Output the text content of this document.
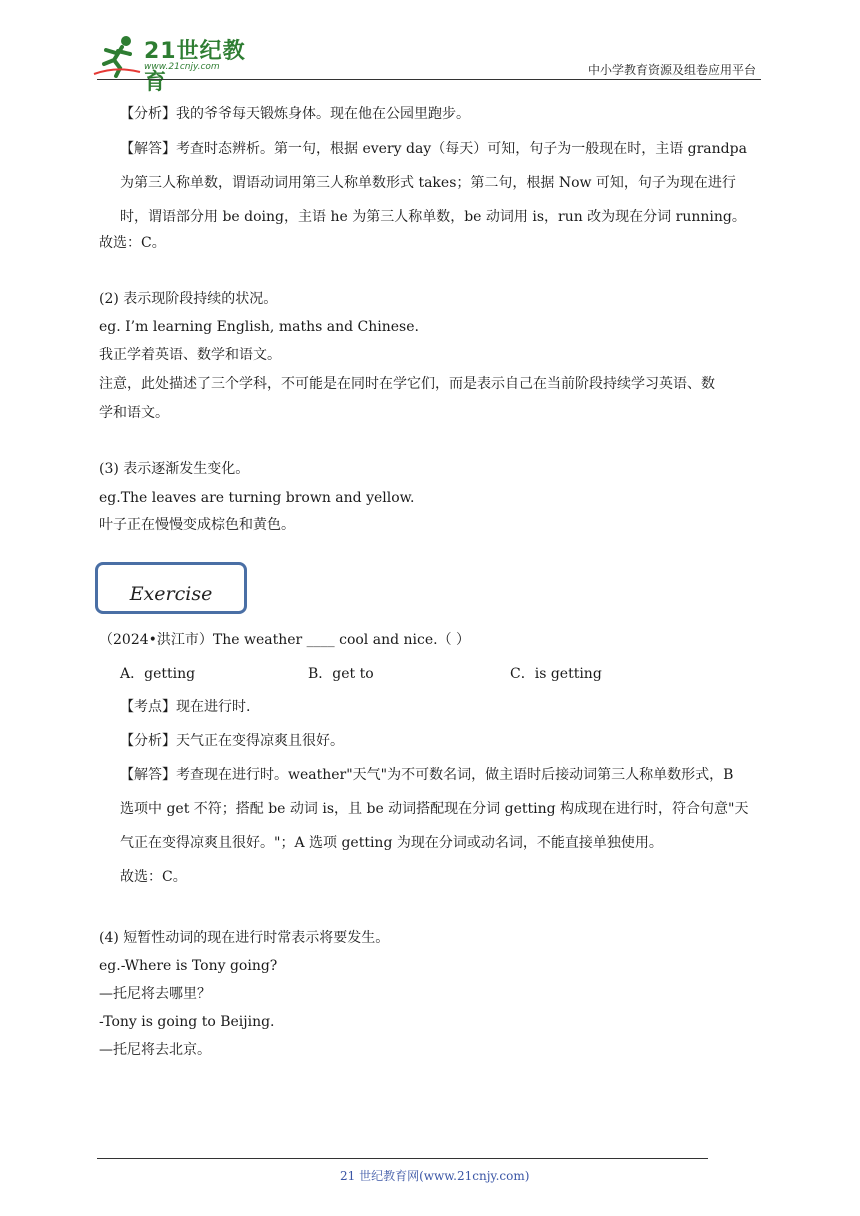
21世纪教育
www.21cnjy.com	中小学教育资源及组卷应用平台
【分析】我的爷爷每天锻炼身体。现在他在公园里跑步。
【解答】考查时态辨析。第一句，根据 every day（每天）可知，句子为一般现在时，主语 grandpa
为第三人称单数，谓语动词用第三人称单数形式 takes；第二句，根据 Now 可知，句子为现在进行
时，谓语部分用 be doing，主语 he 为第三人称单数，be 动词用 is，run 改为现在分词 running。
故选：C。
(2) 表示现阶段持续的状况。
eg. I’m learning English, maths and Chinese.
我正学着英语、数学和语文。
注意，此处描述了三个学科，不可能是在同时在学它们，而是表示自己在当前阶段持续学习英语、数
学和语文。
(3) 表示逐渐发生变化。
eg.The leaves are turning brown and yellow.
叶子正在慢慢变成棕色和黄色。
Exercise
（2024•洪江市）The weather ____ cool and nice.（ ）
A．getting	B．get to	C．is getting
【考点】现在进行时.
【分析】天气正在变得凉爽且很好。
【解答】考查现在进行时。weather"天气"为不可数名词，做主语时后接动词第三人称单数形式，B
选项中 get 不符；搭配 be 动词 is，且 be 动词搭配现在分词 getting 构成现在进行时，符合句意"天
气正在变得凉爽且很好。"；A 选项 getting 为现在分词或动名词，不能直接单独使用。
故选：C。
(4) 短暂性动词的现在进行时常表示将要发生。
eg.-Where is Tony going?
—托尼将去哪里？
-Tony is going to Beijing.
—托尼将去北京。
21 世纪教育网(www.21cnjy.com)
